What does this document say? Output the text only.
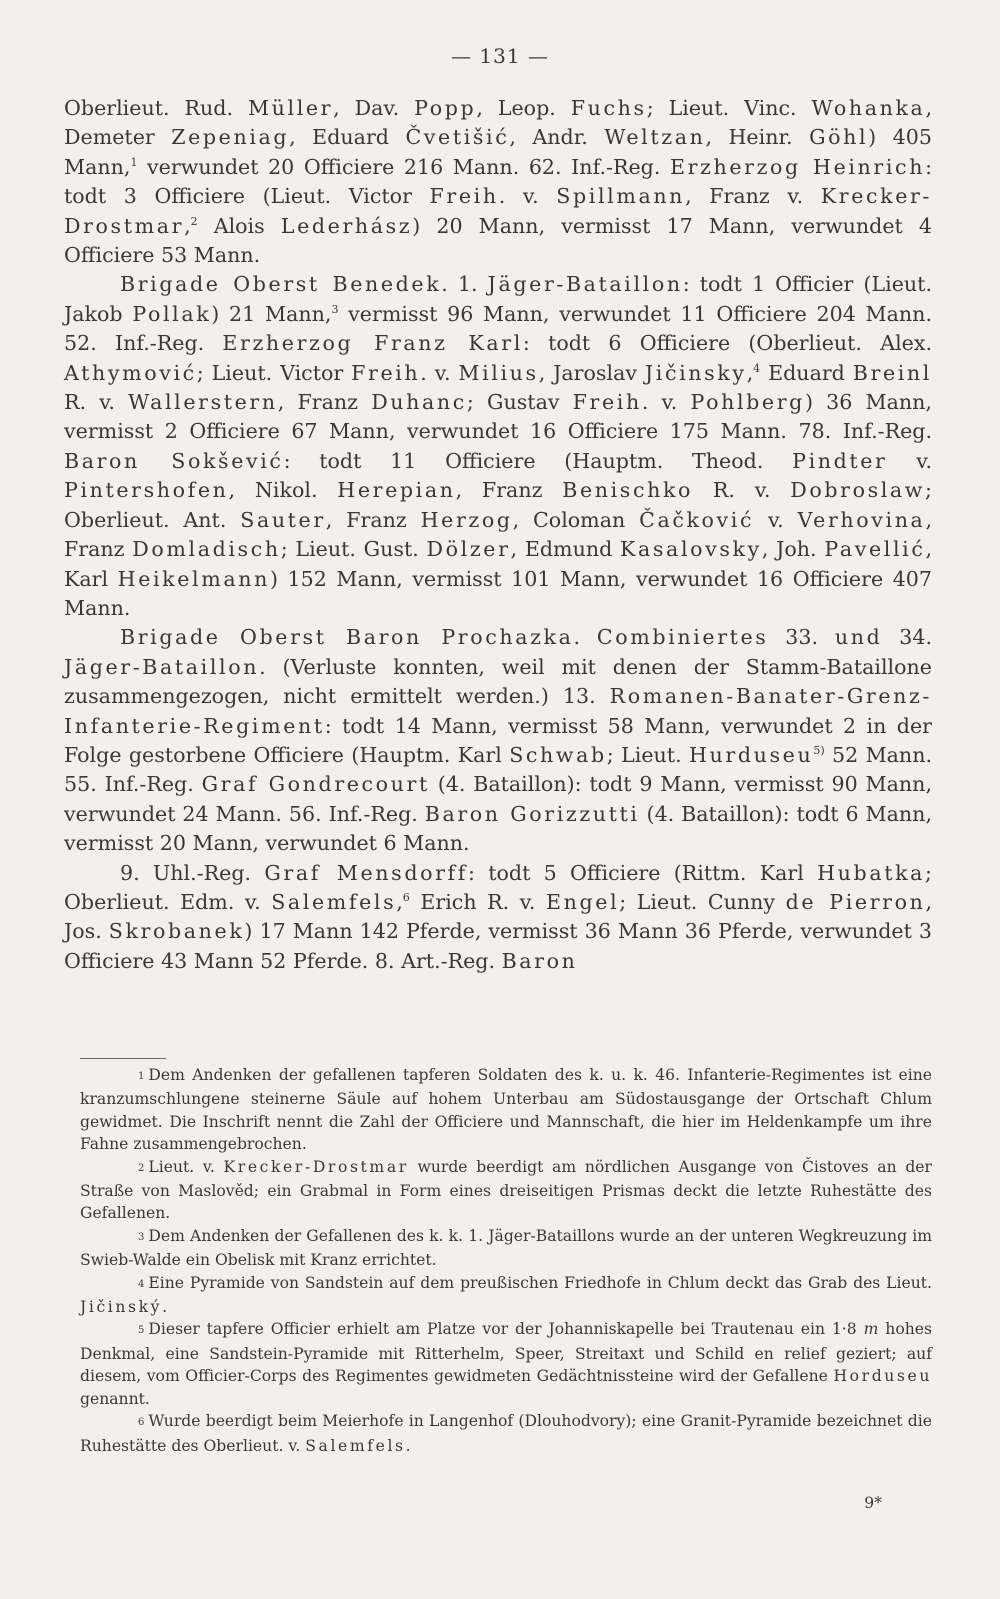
— 131 —

Oberlieut. Rud. Müller, Dav. Popp, Leop. Fuchs; Lieut. Vinc. Wohanka, Demeter Zepeniag, Eduard Čvetišić, Andr. Weltzan, Heinr. Göhl) 405 Mann,$^1$ verwundet 20 Officiere 216 Mann. 62. Inf.-Reg. Erzherzog Heinrich: todt 3 Officiere (Lieut. Victor Freih. v. Spillmann, Franz v. Krecker-Drostmar,$^2$ Alois Lederhász) 20 Mann, vermisst 17 Mann, verwundet 4 Officiere 53 Mann.

Brigade Oberst Benedek. 1. Jäger-Bataillon: todt 1 Officier (Lieut. Jakob Pollak) 21 Mann,$^3$ vermisst 96 Mann, verwundet 11 Officiere 204 Mann. 52. Inf.-Reg. Erzherzog Franz Karl: todt 6 Officiere (Oberlieut. Alex. Athymović; Lieut. Victor Freih. v. Milius, Jaroslav Jičinsky,$^4$ Eduard Breinl R. v. Wallerstern, Franz Duhanc; Gustav Freih. v. Pohlberg) 36 Mann, vermisst 2 Officiere 67 Mann, verwundet 16 Officiere 175 Mann. 78. Inf.-Reg. Baron Sokšević: todt 11 Officiere (Hauptm. Theod. Pindter v. Pintershofen, Nikol. Herepian, Franz Benischko R. v. Dobroslaw; Oberlieut. Ant. Sauter, Franz Herzog, Coloman Čačković v. Verhovina, Franz Domladisch; Lieut. Gust. Dölzer, Edmund Kasalovsky, Joh. Pavellić, Karl Heikelmann) 152 Mann, vermisst 101 Mann, verwundet 16 Officiere 407 Mann.

Brigade Oberst Baron Prochazka. Combiniertes 33. und 34. Jäger-Bataillon. (Verluste konnten, weil mit denen der Stamm-Bataillone zusammengezogen, nicht ermittelt werden.) 13. Romanen-Banater-Grenz-Infanterie-Regiment: todt 14 Mann, vermisst 58 Mann, verwundet 2 in der Folge gestorbene Officiere (Hauptm. Karl Schwab; Lieut. Hurduseu$^{5)}$ 52 Mann. 55. Inf.-Reg. Graf Gondrecourt (4. Bataillon): todt 9 Mann, vermisst 90 Mann, verwundet 24 Mann. 56. Inf.-Reg. Baron Gorizzutti (4. Bataillon): todt 6 Mann, vermisst 20 Mann, verwundet 6 Mann.

9. Uhl.-Reg. Graf Mensdorff: todt 5 Officiere (Rittm. Karl Hubatka; Oberlieut. Edm. v. Salemfels,$^6$ Erich R. v. Engel; Lieut. Cunny de Pierron, Jos. Skrobanek) 17 Mann 142 Pferde, vermisst 36 Mann 36 Pferde, verwundet 3 Officiere 43 Mann 52 Pferde. 8. Art.-Reg. Baron

1 Dem Andenken der gefallenen tapferen Soldaten des k. u. k. 46. Infanterie-Regimentes ist eine kranzumschlungene steinerne Säule auf hohem Unterbau am Südostausgange der Ortschaft Chlum gewidmet. Die Inschrift nennt die Zahl der Officiere und Mannschaft, die hier im Heldenkampfe um ihre Fahne zusammengebrochen.

2 Lieut. v. Krecker-Drostmar wurde beerdigt am nördlichen Ausgange von Čistoves an der Straße von Maslověd; ein Grabmal in Form eines dreiseitigen Prismas deckt die letzte Ruhestätte des Gefallenen.

3 Dem Andenken der Gefallenen des k. k. 1. Jäger-Bataillons wurde an der unteren Wegkreuzung im Swieb-Walde ein Obelisk mit Kranz errichtet.

4 Eine Pyramide von Sandstein auf dem preußischen Friedhofe in Chlum deckt das Grab des Lieut. Jičinský.

5 Dieser tapfere Officier erhielt am Platze vor der Johanniskapelle bei Trautenau ein 1·8 m hohes Denkmal, eine Sandstein-Pyramide mit Ritterhelm, Speer, Streitaxt und Schild en relief geziert; auf diesem, vom Officier-Corps des Regimentes gewidmeten Gedächtnissteine wird der Gefallene Horduseu genannt.

6 Wurde beerdigt beim Meierhofe in Langenhof (Dlouhodvory); eine Granit-Pyramide bezeichnet die Ruhestätte des Oberlieut. v. Salemfels.

9*
